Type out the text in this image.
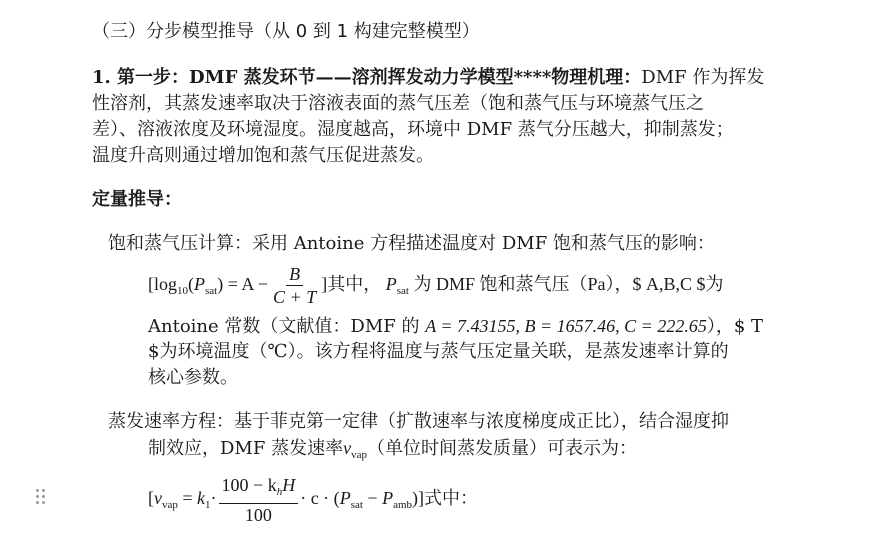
（三）分步模型推导（从 0 到 1 构建完整模型）
1. 第一步：DMF 蒸发环节——溶剂挥发动力学模型****物理机理：DMF 作为挥发
性溶剂，其蒸发速率取决于溶液表面的蒸气压差（饱和蒸气压与环境蒸气压之
差）、溶液浓度及环境湿度。湿度越高，环境中 DMF 蒸气分压越大，抑制蒸发；
温度升高则通过增加饱和蒸气压促进蒸发。
定量推导：
饱和蒸气压计算：采用 Antoine 方程描述温度对 DMF 饱和蒸气压的影响：
[$\log_{10}(P_{sat}) = A - \frac{B}{C + T}$ ]其中， $P_{sat}$ 为 DMF 饱和蒸气压（Pa），$ A,B,C $为
Antoine 常数（文献值：DMF 的 A = 7.43155, B = 1657.46, C = 222.65），$ T
$为环境温度（℃）。该方程将温度与蒸气压定量关联，是蒸发速率计算的
核心参数。
蒸发速率方程：基于菲克第一定律（扩散速率与浓度梯度成正比），结合湿度抑
制效应，DMF 蒸发速率$v_{vap}$（单位时间蒸发质量）可表示为：
$[v_{vap} = k_1\cdot \frac{100 - k_hH}{100} \cdot c \cdot (P_{sat} - P_{amb})]$式中：
